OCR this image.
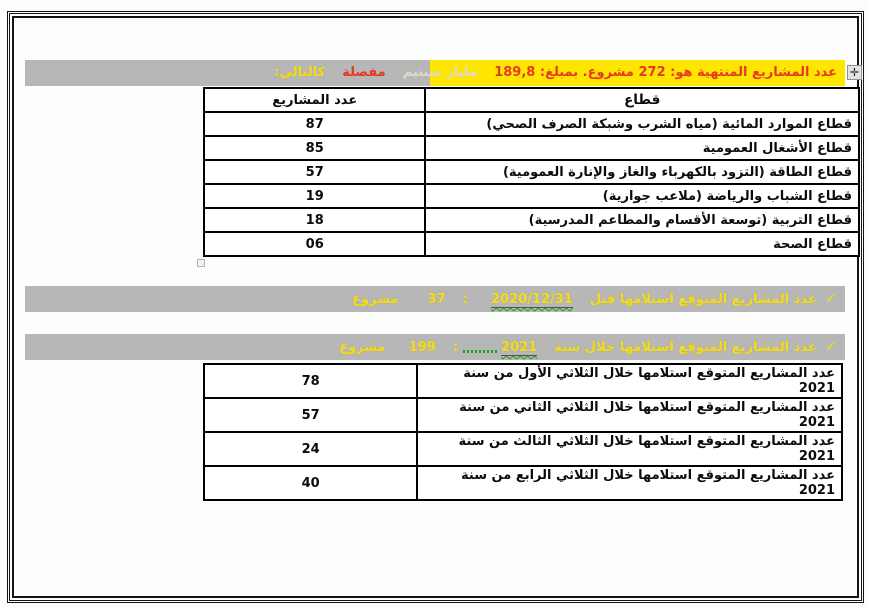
✛
عدد المشاريع المنتهية هو: 272 مشروع. بمبلغ: 189,8  مليار سنتيم  مفصلة  كالتالي:
قطاع	عدد المشاريع
قطاع الموارد المائية (مياه الشرب وشبكة الصرف الصحي)	87
قطاع الأشغال العمومية	85
قطاع الطاقة (التزود بالكهرباء والغاز والإنارة العمومية)	57
قطاع الشباب والرياضة (ملاعب جوارية)	19
قطاع التربية (توسعة الأقسام والمطاعم المدرسية)	18
قطاع الصحة	06
✓ عدد المشاريع المتوقع استلامها قبل  2020/12/31  :  37  مشروع
✓ عدد المشاريع المتوقع استلامها خلال سنة  2021  :  199  مشروع
عدد المشاريع المتوقع استلامها خلال الثلاثي الأول من سنة 2021	78
عدد المشاريع المتوقع استلامها خلال الثلاثي الثاني من سنة 2021	57
عدد المشاريع المتوقع استلامها خلال الثلاثي الثالث من سنة 2021	24
عدد المشاريع المتوقع استلامها خلال الثلاثي الرابع من سنة 2021	40
